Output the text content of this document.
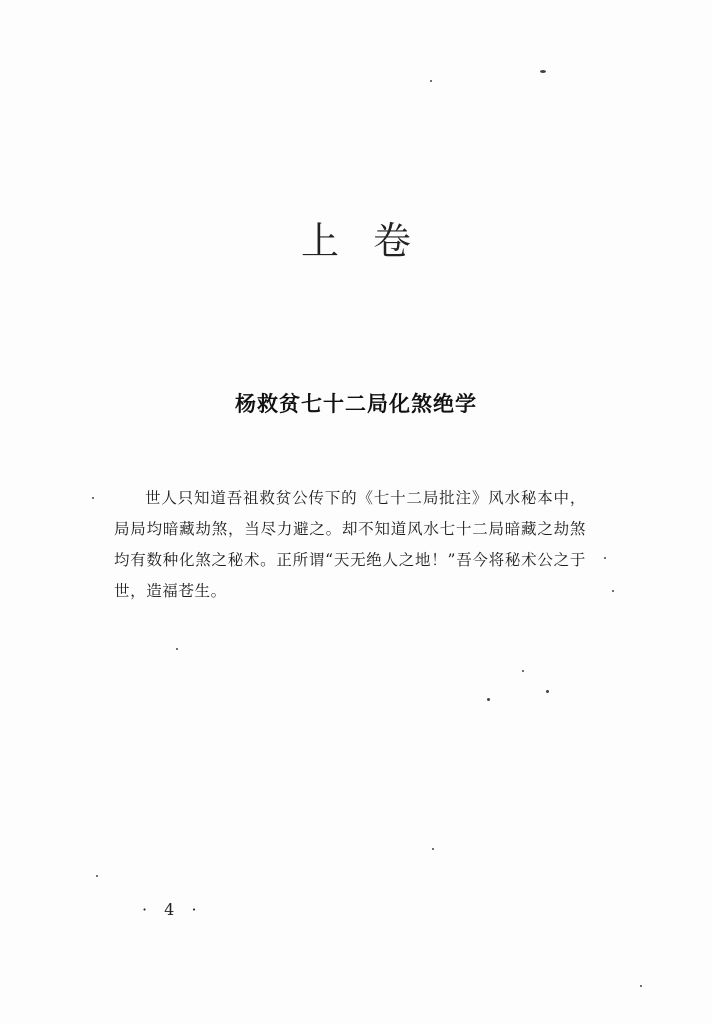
上卷
杨救贫七十二局化煞绝学

世人只知道吾祖救贫公传下的《七十二局批注》风水秘本中，局局均暗藏劫煞，当尽力避之。却不知道风水七十二局暗藏之劫煞均有数种化煞之秘术。正所谓“天无绝人之地！”吾今将秘术公之于世，造福苍生。

· 4 ·
